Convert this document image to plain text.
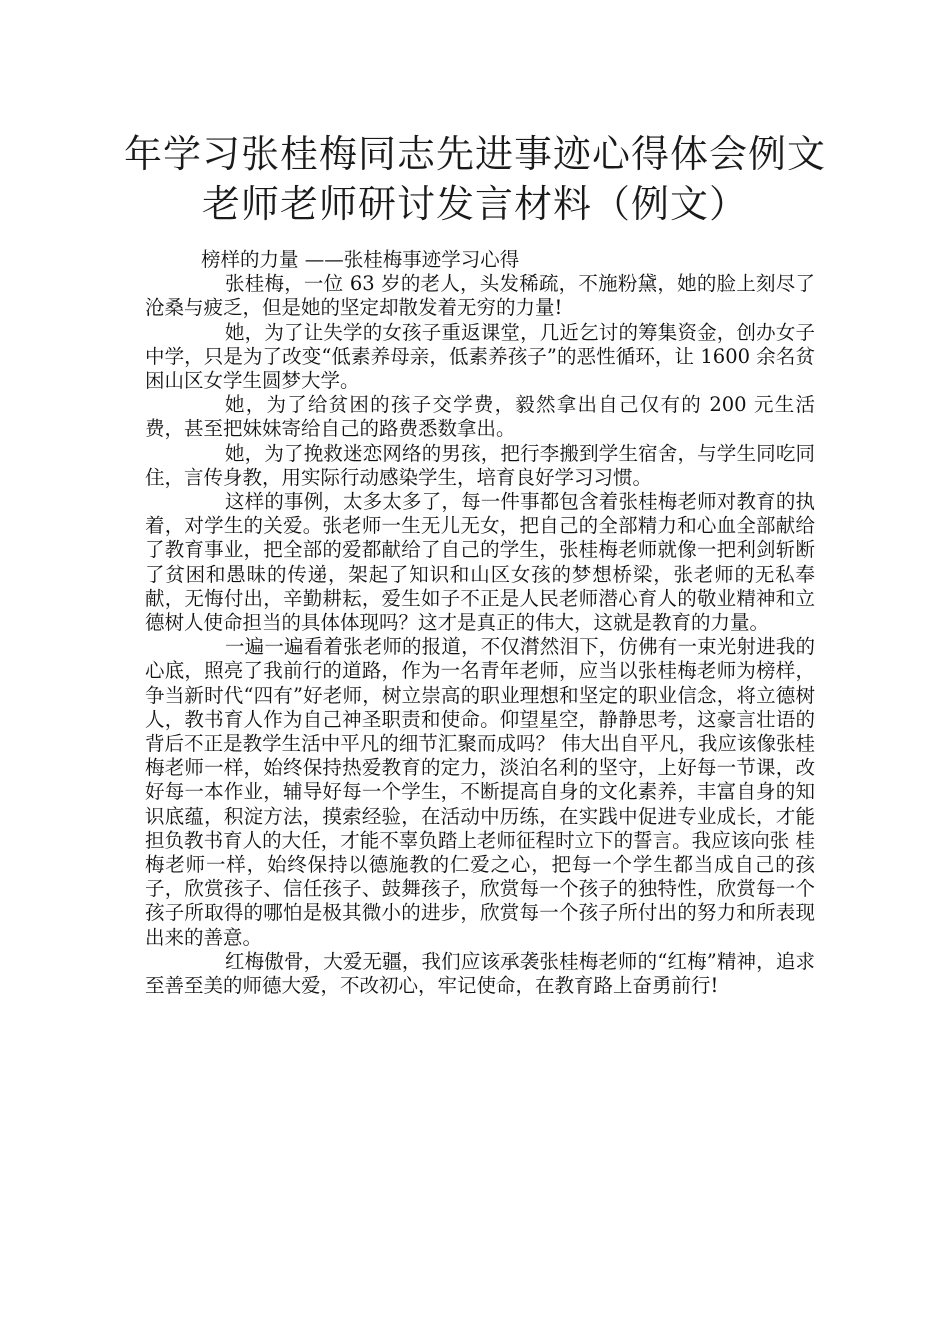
年学习张桂梅同志先进事迹心得体会例文
老师老师研讨发言材料（例文）

榜样的力量 ——张桂梅事迹学习心得

张桂梅，一位 63 岁的老人，头发稀疏，不施粉黛，她的脸上刻尽了沧桑与疲乏，但是她的坚定却散发着无穷的力量!

她，为了让失学的女孩子重返课堂，几近乞讨的筹集资金，创办女子中学，只是为了改变“低素养母亲，低素养孩子”的恶性循环，让 1600 余名贫困山区女学生圆梦大学。

她，为了给贫困的孩子交学费，毅然拿出自己仅有的 200 元生活费，甚至把妹妹寄给自己的路费悉数拿出。

她，为了挽救迷恋网络的男孩，把行李搬到学生宿舍，与学生同吃同住，言传身教，用实际行动感染学生，培育良好学习习惯。

这样的事例，太多太多了，每一件事都包含着张桂梅老师对教育的执着，对学生的关爱。张老师一生无儿无女，把自己的全部精力和心血全部献给了教育事业，把全部的爱都献给了自己的学生，张桂梅老师就像一把利剑斩断了贫困和愚昧的传递，架起了知识和山区女孩的梦想桥梁，张老师的无私奉献，无悔付出，辛勤耕耘，爱生如子不正是人民老师潜心育人的敬业精神和立德树人使命担当的具体体现吗？这才是真正的伟大，这就是教育的力量。

一遍一遍看着张老师的报道，不仅潸然泪下，仿佛有一束光射进我的心底，照亮了我前行的道路，作为一名青年老师，应当以张桂梅老师为榜样，争当新时代“四有”好老师，树立崇高的职业理想和坚定的职业信念，将立德树人，教书育人作为自己神圣职责和使命。仰望星空，静静思考，这豪言壮语的背后不正是教学生活中平凡的细节汇聚而成吗？ 伟大出自平凡，我应该像张桂梅老师一样，始终保持热爱教育的定力，淡泊名利的坚守，上好每一节课，改好每一本作业，辅导好每一个学生，不断提高自身的文化素养，丰富自身的知识底蕴，积淀方法，摸索经验，在活动中历练，在实践中促进专业成长，才能担负教书育人的大任，才能不辜负踏上老师征程时立下的誓言。我应该向张 桂梅老师一样，始终保持以德施教的仁爱之心，把每一个学生都当成自己的孩子，欣赏孩子、信任孩子、鼓舞孩子，欣赏每一个孩子的独特性，欣赏每一个孩子所取得的哪怕是极其微小的进步，欣赏每一个孩子所付出的努力和所表现出来的善意。

红梅傲骨，大爱无疆，我们应该承袭张桂梅老师的“红梅”精神，追求至善至美的师德大爱，不改初心，牢记使命，在教育路上奋勇前行!
